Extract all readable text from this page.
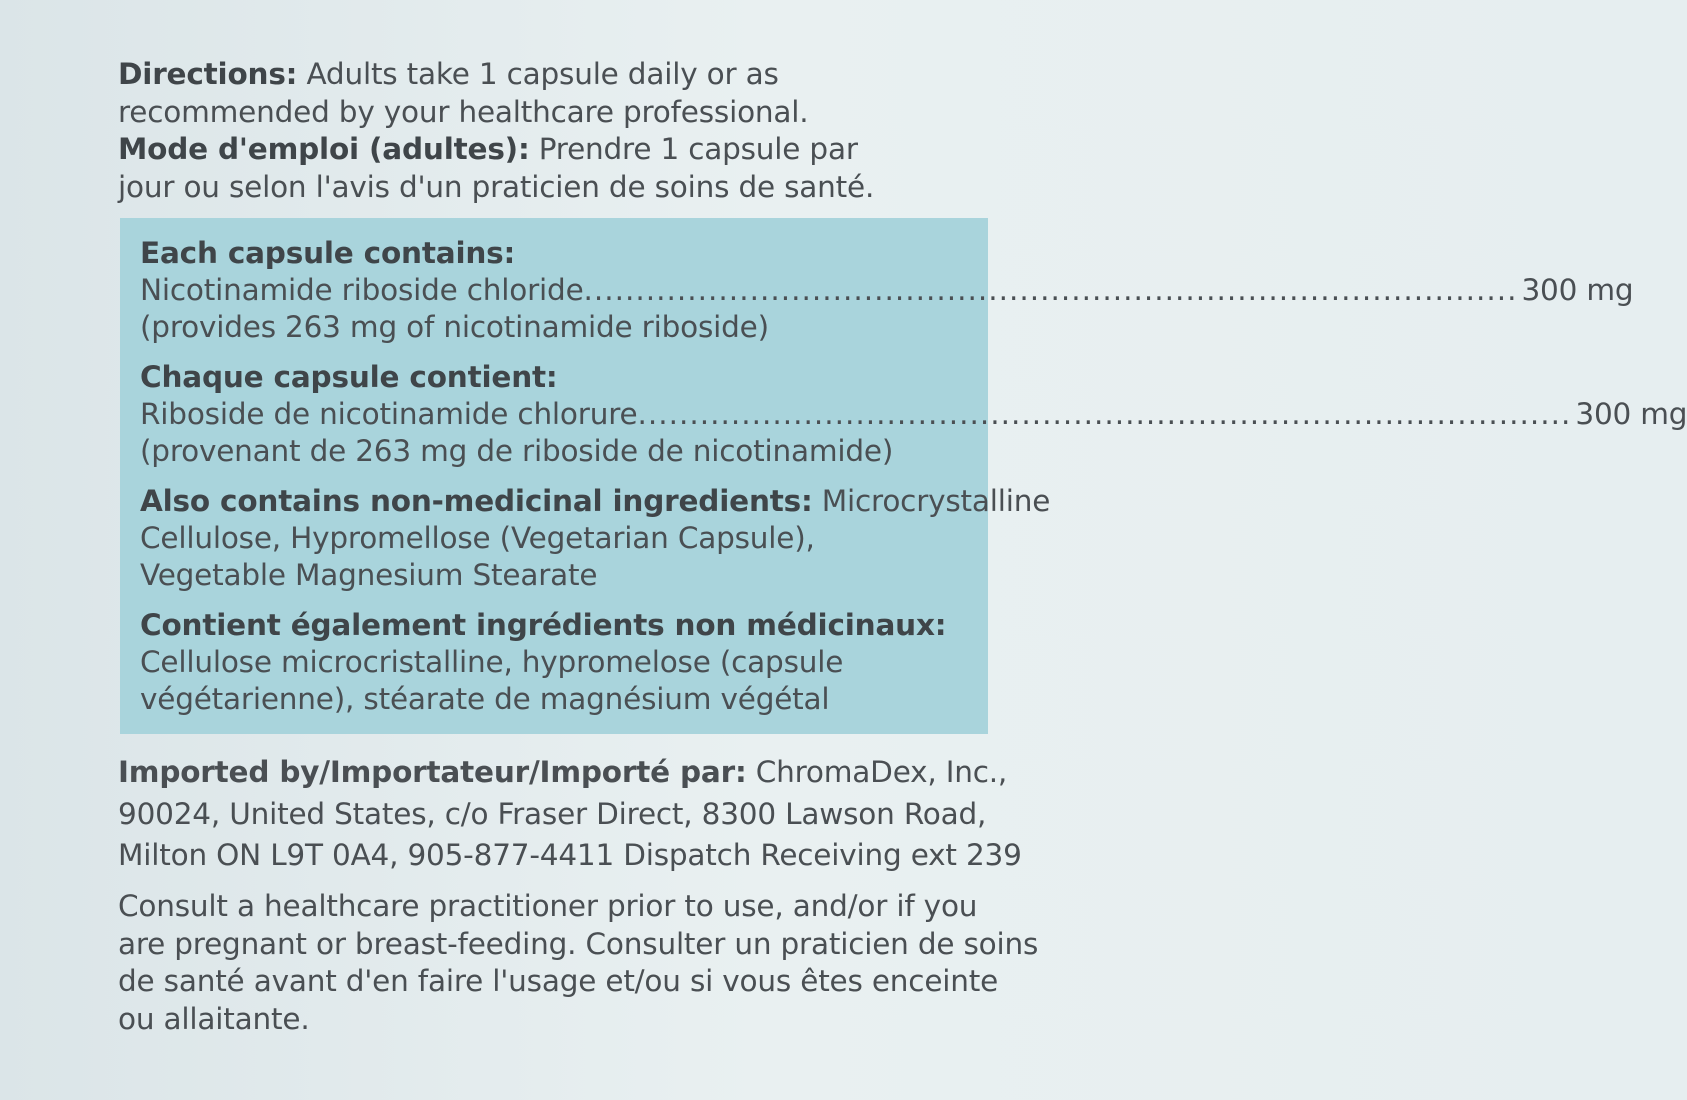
Directions: Adults take 1 capsule daily or as
recommended by your healthcare professional.
Mode d'emploi (adultes): Prendre 1 capsule par
jour ou selon l'avis d'un praticien de soins de santé.
Each capsule contains:
Nicotinamide riboside chloride .......................................................................................... 300 mg
(provides 263 mg of nicotinamide riboside)
Chaque capsule contient:
Riboside de nicotinamide chlorure .......................................................................................... 300 mg
(provenant de 263 mg de riboside de nicotinamide)
Also contains non-medicinal ingredients: Microcrystalline
Cellulose, Hypromellose (Vegetarian Capsule),
Vegetable Magnesium Stearate
Contient également ingrédients non médicinaux:
Cellulose microcristalline, hypromelose (capsule
végétarienne), stéarate de magnésium végétal
Imported by/Importateur/Importé par: ChromaDex, Inc.,
90024, United States, c/o Fraser Direct, 8300 Lawson Road,
Milton ON L9T 0A4, 905-877-4411 Dispatch Receiving ext 239
Consult a healthcare practitioner prior to use, and/or if you
are pregnant or breast-feeding. Consulter un praticien de soins
de santé avant d'en faire l'usage et/ou si vous êtes enceinte
ou allaitante.
